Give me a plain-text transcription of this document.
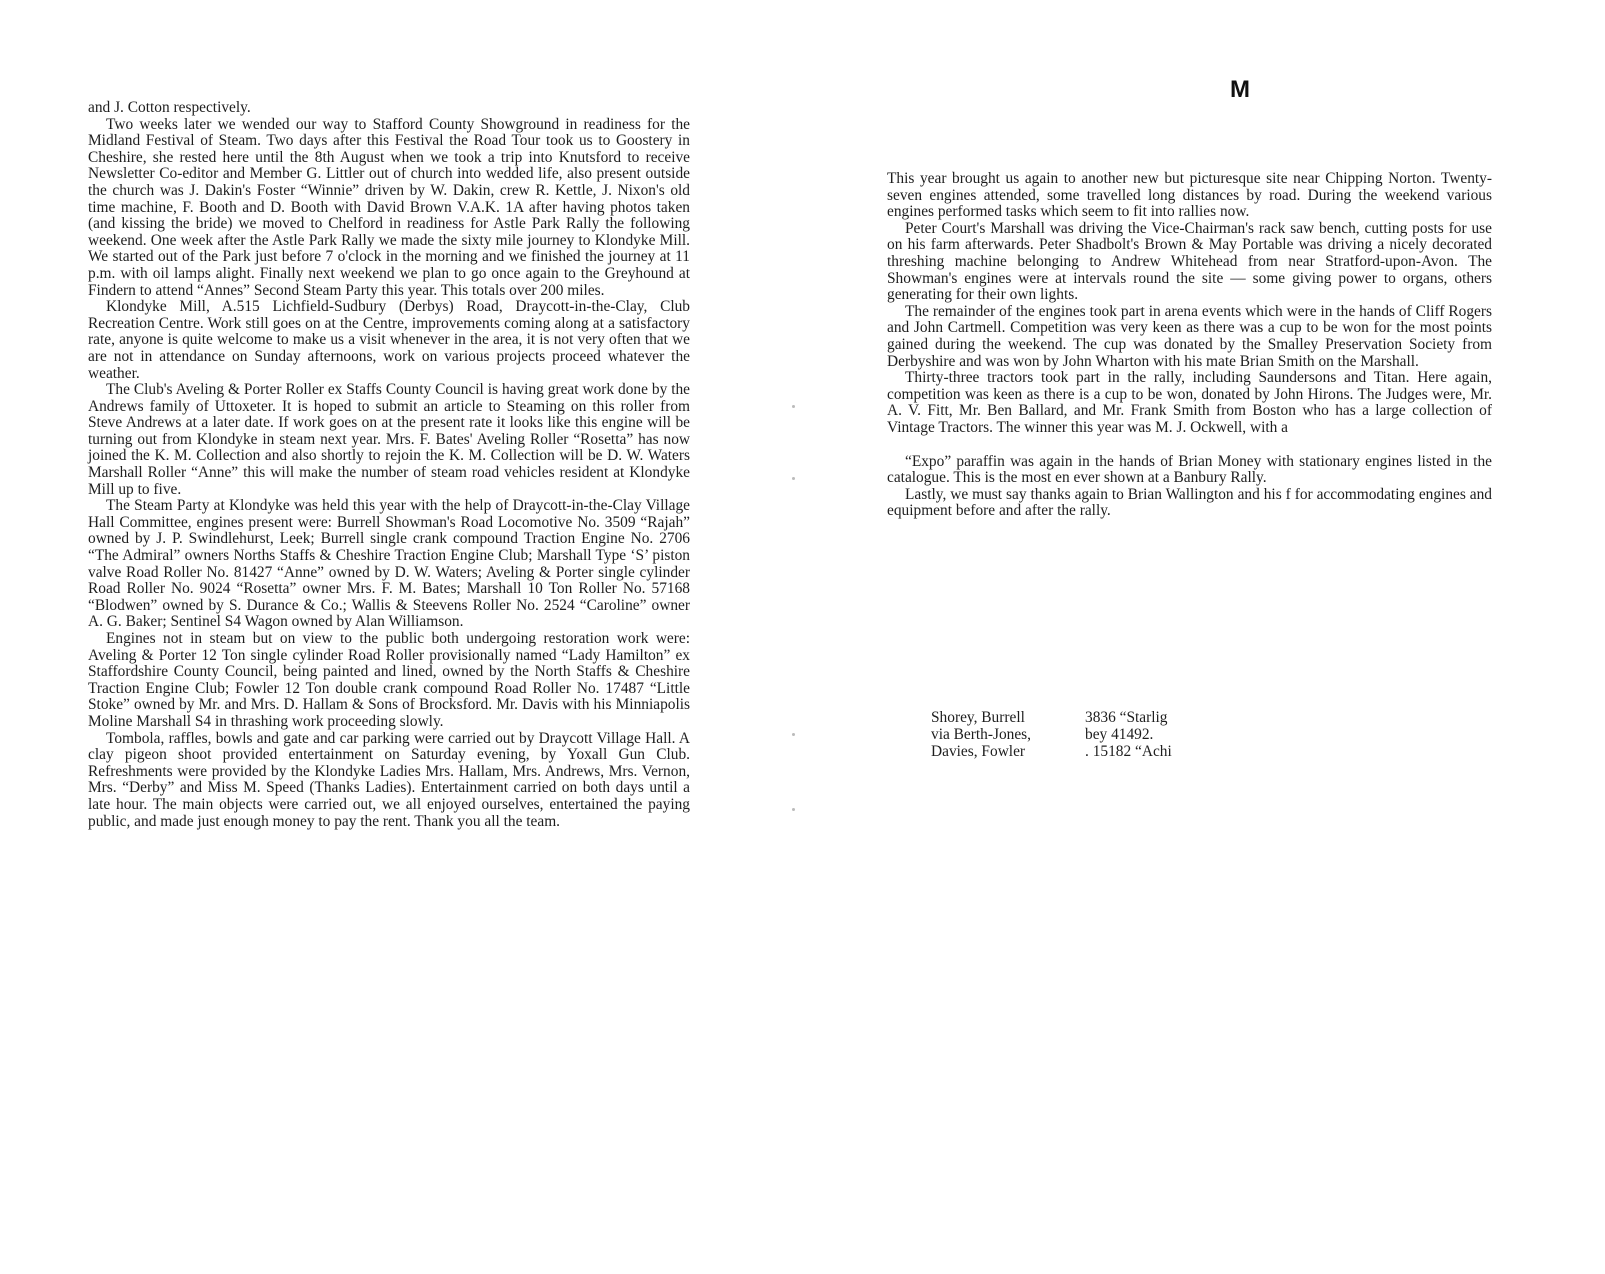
and J. Cotton respectively.

Two weeks later we wended our way to Stafford County Showground in readiness for the Midland Festival of Steam. Two days after this Festival the Road Tour took us to Goostery in Cheshire, she rested here until the 8th August when we took a trip into Knutsford to receive Newsletter Co-editor and Member G. Littler out of church into wedded life, also present outside the church was J. Dakin's Foster “Winnie” driven by W. Dakin, crew R. Kettle, J. Nixon's old time machine, F. Booth and D. Booth with David Brown V.A.K. 1A after having photos taken (and kissing the bride) we moved to Chelford in readiness for Astle Park Rally the following weekend. One week after the Astle Park Rally we made the sixty mile journey to Klondyke Mill. We started out of the Park just before 7 o'clock in the morning and we finished the journey at 11 p.m. with oil lamps alight. Finally next weekend we plan to go once again to the Greyhound at Findern to attend “Annes” Second Steam Party this year. This totals over 200 miles.

Klondyke Mill, A.515 Lichfield-Sudbury (Derbys) Road, Draycott-in-the-Clay, Club Recreation Centre. Work still goes on at the Centre, improvements coming along at a satisfactory rate, anyone is quite welcome to make us a visit whenever in the area, it is not very often that we are not in attendance on Sunday afternoons, work on various projects proceed whatever the weather.

The Club's Aveling & Porter Roller ex Staffs County Council is having great work done by the Andrews family of Uttoxeter. It is hoped to submit an article to Steaming on this roller from Steve Andrews at a later date. If work goes on at the present rate it looks like this engine will be turning out from Klondyke in steam next year. Mrs. F. Bates' Aveling Roller “Rosetta” has now joined the K. M. Collection and also shortly to rejoin the K. M. Collection will be D. W. Waters Marshall Roller “Anne” this will make the number of steam road vehicles resident at Klondyke Mill up to five.

The Steam Party at Klondyke was held this year with the help of Draycott-in-the-Clay Village Hall Committee, engines present were: Burrell Showman's Road Locomotive No. 3509 “Rajah” owned by J. P. Swindlehurst, Leek; Burrell single crank compound Traction Engine No. 2706 “The Admiral” owners Norths Staffs & Cheshire Traction Engine Club; Marshall Type ‘S’ piston valve Road Roller No. 81427 “Anne” owned by D. W. Waters; Aveling & Porter single cylinder Road Roller No. 9024 “Rosetta” owner Mrs. F. M. Bates; Marshall 10 Ton Roller No. 57168 “Blodwen” owned by S. Durance & Co.; Wallis & Steevens Roller No. 2524 “Caroline” owner A. G. Baker; Sentinel S4 Wagon owned by Alan Williamson.

Engines not in steam but on view to the public both undergoing restoration work were: Aveling & Porter 12 Ton single cylinder Road Roller provisionally named “Lady Hamilton” ex Staffordshire County Council, being painted and lined, owned by the North Staffs & Cheshire Traction Engine Club; Fowler 12 Ton double crank compound Road Roller No. 17487 “Little Stoke” owned by Mr. and Mrs. D. Hallam & Sons of Brocksford. Mr. Davis with his Minniapolis Moline Marshall S4 in thrashing work proceeding slowly.

Tombola, raffles, bowls and gate and car parking were carried out by Draycott Village Hall. A clay pigeon shoot provided entertainment on Saturday evening, by Yoxall Gun Club. Refreshments were provided by the Klondyke Ladies Mrs. Hallam, Mrs. Andrews, Mrs. Vernon, Mrs. “Derby” and Miss M. Speed (Thanks Ladies). Entertainment carried on both days until a late hour. The main objects were carried out, we all enjoyed ourselves, entertained the paying public, and made just enough money to pay the rent. Thank you all the team.

M

This year brought us again to another new but picturesque site near Chipping Norton. Twenty-seven engines attended, some travelled long distances by road. During the weekend various engines performed tasks which seem to fit into rallies now.

Peter Court's Marshall was driving the Vice-Chairman's rack saw bench, cutting posts for use on his farm afterwards. Peter Shadbolt's Brown & May Portable was driving a nicely decorated threshing machine belonging to Andrew Whitehead from near Stratford-upon-Avon. The Showman's engines were at intervals round the site — some giving power to organs, others generating for their own lights.

The remainder of the engines took part in arena events which were in the hands of Cliff Rogers and John Cartmell. Competition was very keen as there was a cup to be won for the most points gained during the weekend. The cup was donated by the Smalley Preservation Society from Derbyshire and was won by John Wharton with his mate Brian Smith on the Marshall.

Thirty-three tractors took part in the rally, including Saundersons and Titan. Here again, competition was keen as there is a cup to be won, donated by John Hirons. The Judges were, Mr. A. V. Fitt, Mr. Ben Ballard, and Mr. Frank Smith from Boston who has a large collection of Vintage Tractors. The winner this year was M. J. Ockwell, with a

“Expo” paraffin was again in the hands of Brian Money with stationary engines listed in the catalogue. This is the most en ever shown at a Banbury Rally.

Lastly, we must say thanks again to Brian Wallington and his f for accommodating engines and equipment before and after the rally.

Shorey, Burrell	3836 “Starlig
via Berth-Jones,	bey 41492.
Davies, Fowler	. 15182 “Achi
